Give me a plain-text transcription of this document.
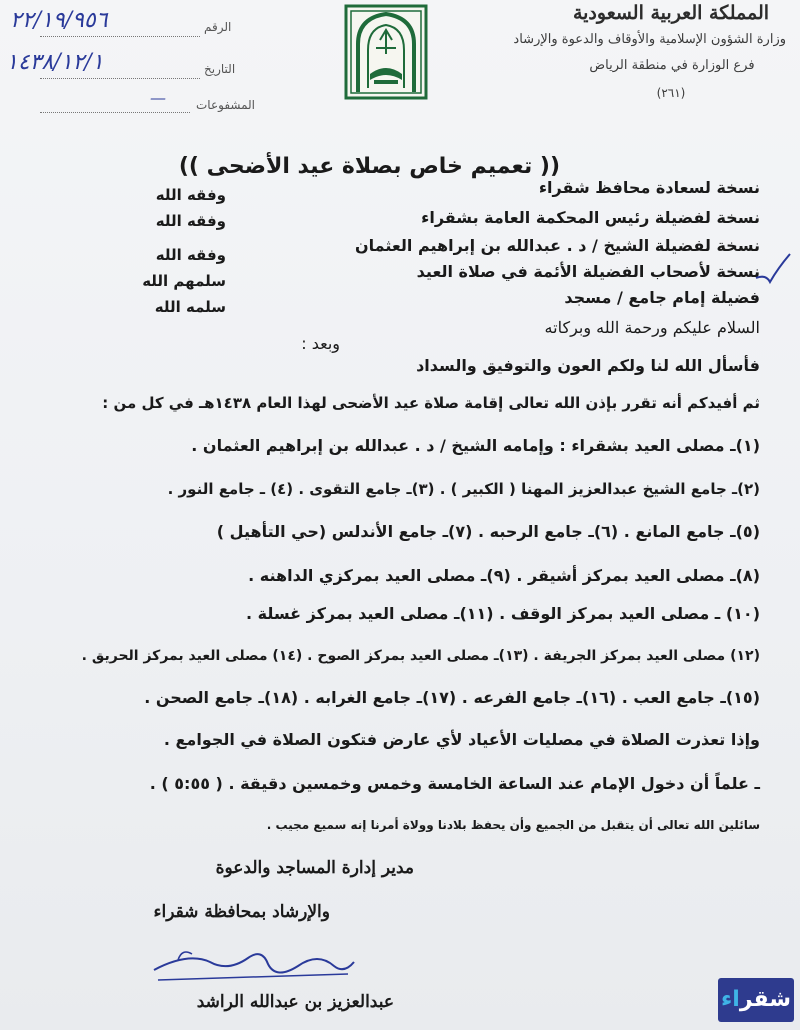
المملكة العربية السعودية
وزارة الشؤون الإسلامية والأوقاف والدعوة والإرشاد
فرع الوزارة في منطقة الرياض
(٢٦١)
الرقم
٢٢/١٩/٩٥٦
التاريخ
١٤٣٨/١٢/١
المشفوعات
—
(( تعميم خاص بصلاة عيد الأضحى ))
نسخة لسعادة محافظ شقراء
نسخة لفضيلة رئيس المحكمة العامة بشقراء
نسخة لفضيلة الشيخ / د . عبدالله بن إبراهيم العثمان
نسخة لأصحاب الفضيلة الأئمة في صلاة العيد
فضيلة إمام جامع / مسجد
وفقه الله
وفقه الله
وفقه الله
سلمهم الله
سلمه الله
السلام عليكم ورحمة الله وبركاته
وبعد :
فأسأل الله لنا ولكم العون والتوفيق والسداد
ثم أفيدكم أنه تقرر بإذن الله تعالى إقامة صلاة عيد الأضحى لهذا العام ١٤٣٨هـ في كل من :
(١)ـ مصلى العيد بشقراء : وإمامه الشيخ / د . عبدالله بن إبراهيم العثمان .
(٢)ـ جامع الشيخ عبدالعزيز المهنا ( الكبير ) . (٣)ـ جامع التقوى . (٤) ـ جامع النور .
(٥)ـ جامع المانع . (٦)ـ جامع الرحبه . (٧)ـ جامع الأندلس (حي التأهيل )
(٨)ـ مصلى العيد بمركز أشيقر . (٩)ـ مصلى العيد بمركزي الداهنه .
(١٠) ـ مصلى العيد بمركز الوقف . (١١)ـ مصلى العيد بمركز غسلة .
(١٢) مصلى العيد بمركز الجريفة . (١٣)ـ مصلى العيد بمركز الصوح . (١٤) مصلى العيد بمركز الحريق .
(١٥)ـ جامع العب . (١٦)ـ جامع الفرعه . (١٧)ـ جامع الغرابه . (١٨)ـ جامع الصحن .
وإذا تعذرت الصلاة في مصليات الأعياد لأي عارض فتكون الصلاة في الجوامع .
ـ علماً أن دخول الإمام عند الساعة الخامسة وخمس وخمسين دقيقة . ( ٥:٥٥ ) .
سائلين الله تعالى أن يتقبل من الجميع وأن يحفظ بلادنا وولاة أمرنا إنه سميع مجيب .
مدير إدارة المساجد والدعوة
والإرشاد بمحافظة شقراء
عبدالعزيز بن عبدالله الراشد	شقراء
